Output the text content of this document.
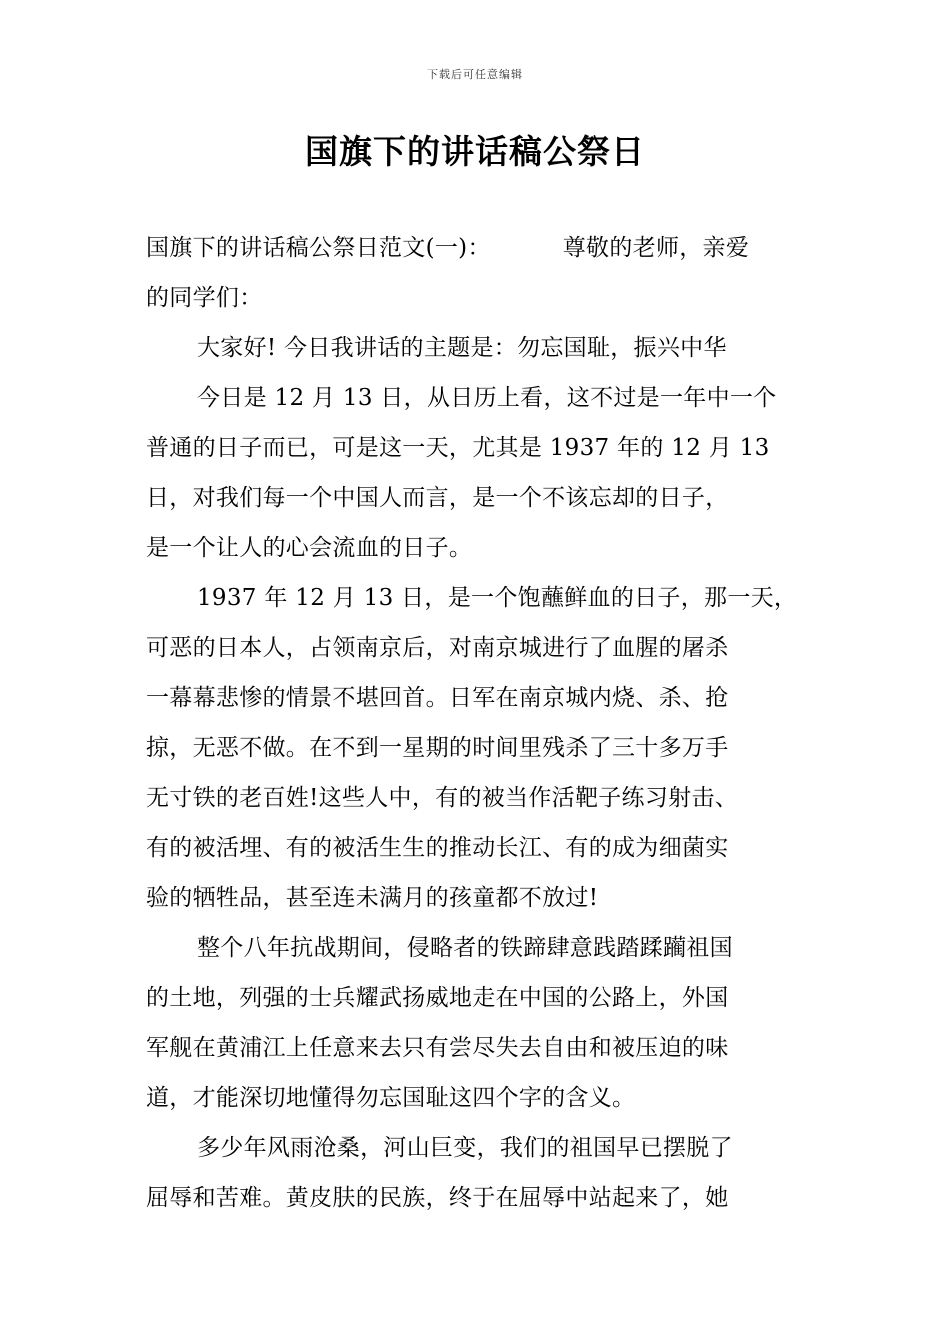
下载后可任意编辑
国旗下的讲话稿公祭日
国旗下的讲话稿公祭日范文(一)：	尊敬的老师，亲爱
的同学们：
大家好! 今日我讲话的主题是：勿忘国耻，振兴中华
今日是 12 月 13 日，从日历上看，这不过是一年中一个
普通的日子而已，可是这一天，尤其是 1937 年的 12 月 13
日，对我们每一个中国人而言，是一个不该忘却的日子，
是一个让人的心会流血的日子。
1937 年 12 月 13 日，是一个饱蘸鲜血的日子，那一天，
可恶的日本人，占领南京后，对南京城进行了血腥的屠杀
一幕幕悲惨的情景不堪回首。日军在南京城内烧、杀、抢
掠，无恶不做。在不到一星期的时间里残杀了三十多万手
无寸铁的老百姓!这些人中，有的被当作活靶子练习射击、
有的被活埋、有的被活生生的推动长江、有的成为细菌实
验的牺牲品，甚至连未满月的孩童都不放过!
整个八年抗战期间，侵略者的铁蹄肆意践踏蹂躏祖国
的土地，列强的士兵耀武扬威地走在中国的公路上，外国
军舰在黄浦江上任意来去只有尝尽失去自由和被压迫的味
道，才能深切地懂得勿忘国耻这四个字的含义。
多少年风雨沧桑，河山巨变，我们的祖国早已摆脱了
屈辱和苦难。黄皮肤的民族，终于在屈辱中站起来了，她
